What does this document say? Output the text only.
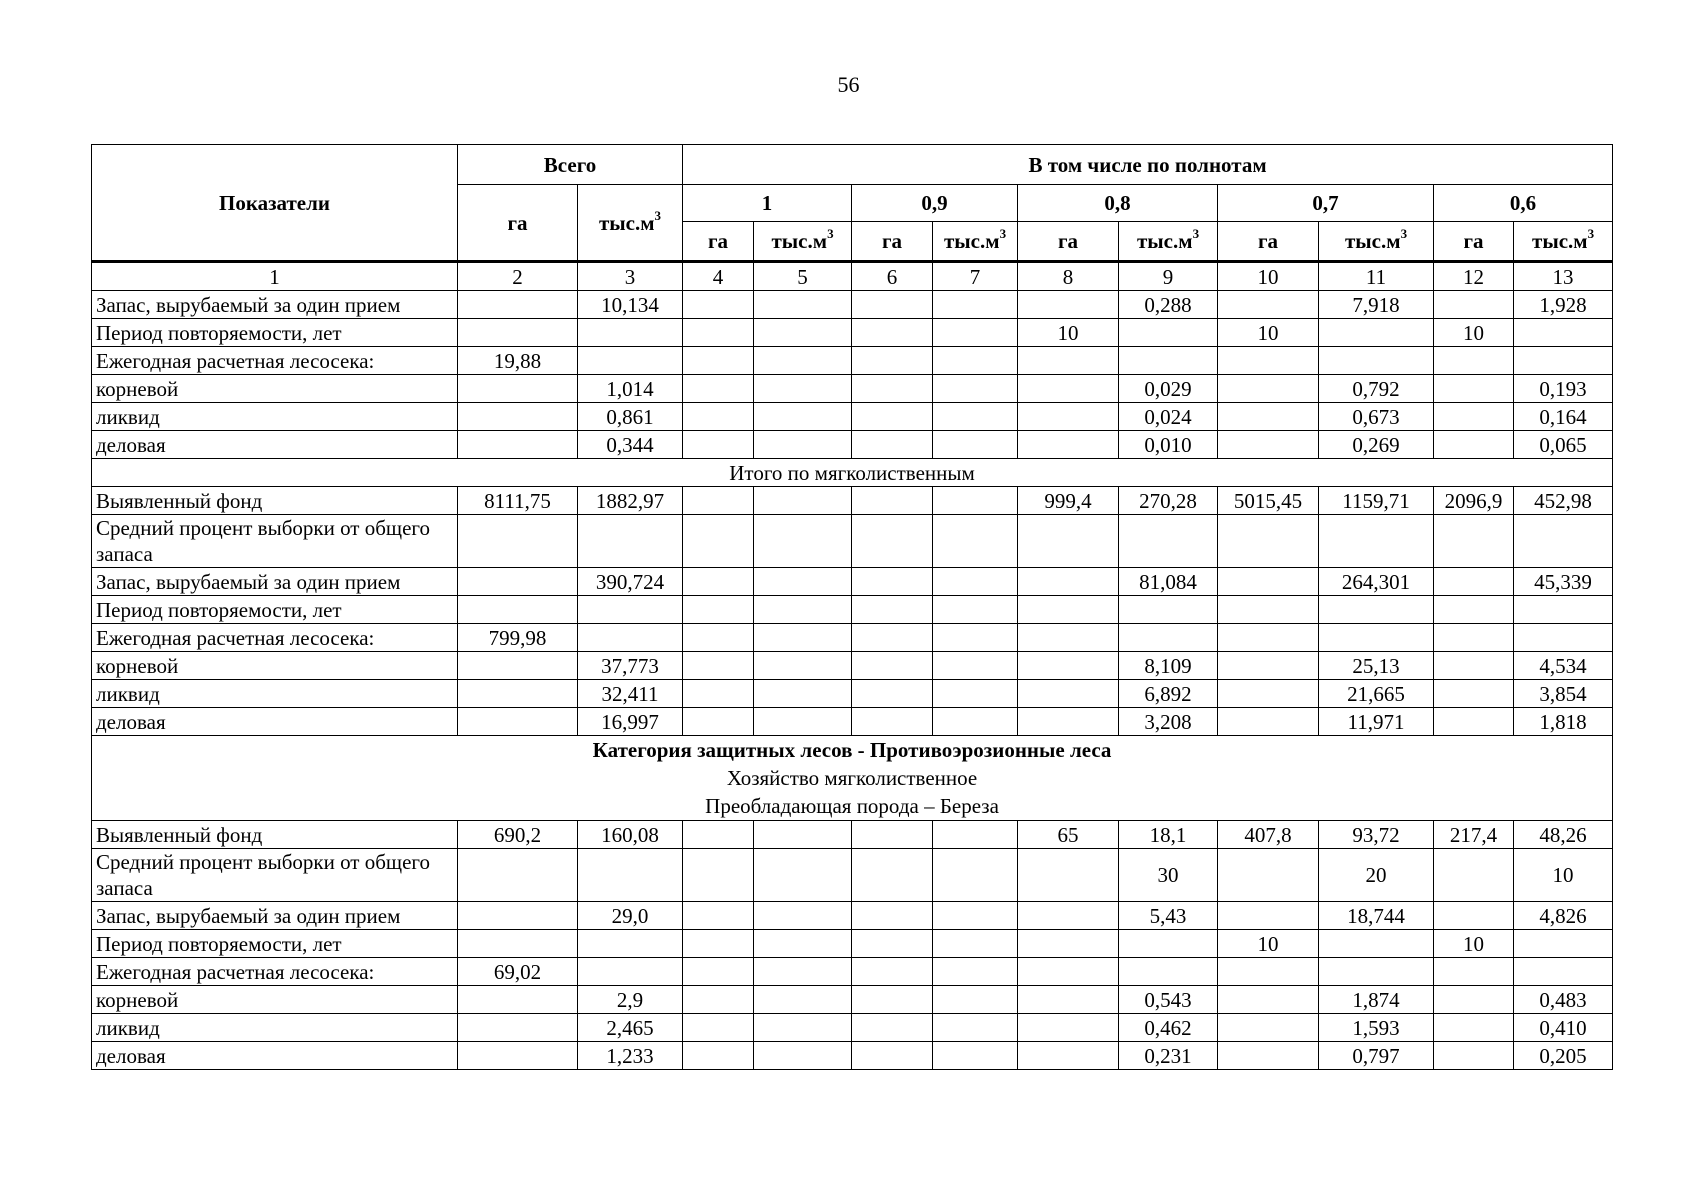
56
Показатели	Всего		В том числе по полнотам									
	га	$тыс.м^3$	1		0,9		0,8		0,7		0,6	
			га	$тыс.м^3$	га	$тыс.м^3$	га	$тыс.м^3$	га	$тыс.м^3$	га	$тыс.м^3$
1	2	3	4	5	6	7	8	9	10	11	12	13
Запас, вырубаемый за один прием		10,134						0,288		7,918		1,928
Период повторяемости, лет							10		10		10	
Ежегодная расчетная лесосека:	19,88											
корневой		1,014						0,029		0,792		0,193
ликвид		0,861						0,024		0,673		0,164
деловая		0,344						0,010		0,269		0,065
Итого по мягколиственным												
Выявленный фонд	8111,75	1882,97					999,4	270,28	5015,45	1159,71	2096,9	452,98
Средний процент выборки от общего запаса												
Запас, вырубаемый за один прием		390,724						81,084		264,301		45,339
Период повторяемости, лет												
Ежегодная расчетная лесосека:	799,98											
корневой		37,773						8,109		25,13		4,534
ликвид		32,411						6,892		21,665		3,854
деловая		16,997						3,208		11,971		1,818

Категория защитных лесов - Противоэрозионные леса
Хозяйство мягколиственное
Преобладающая порода – Береза												

Выявленный фонд	690,2	160,08					65	18,1	407,8	93,72	217,4	48,26
Средний процент выборки от общего запаса								30		20		10
Запас, вырубаемый за один прием		29,0						5,43		18,744		4,826
Период повторяемости, лет									10		10	
Ежегодная расчетная лесосека:	69,02											
корневой		2,9						0,543		1,874		0,483
ликвид		2,465						0,462		1,593		0,410
деловая		1,233						0,231		0,797		0,205
